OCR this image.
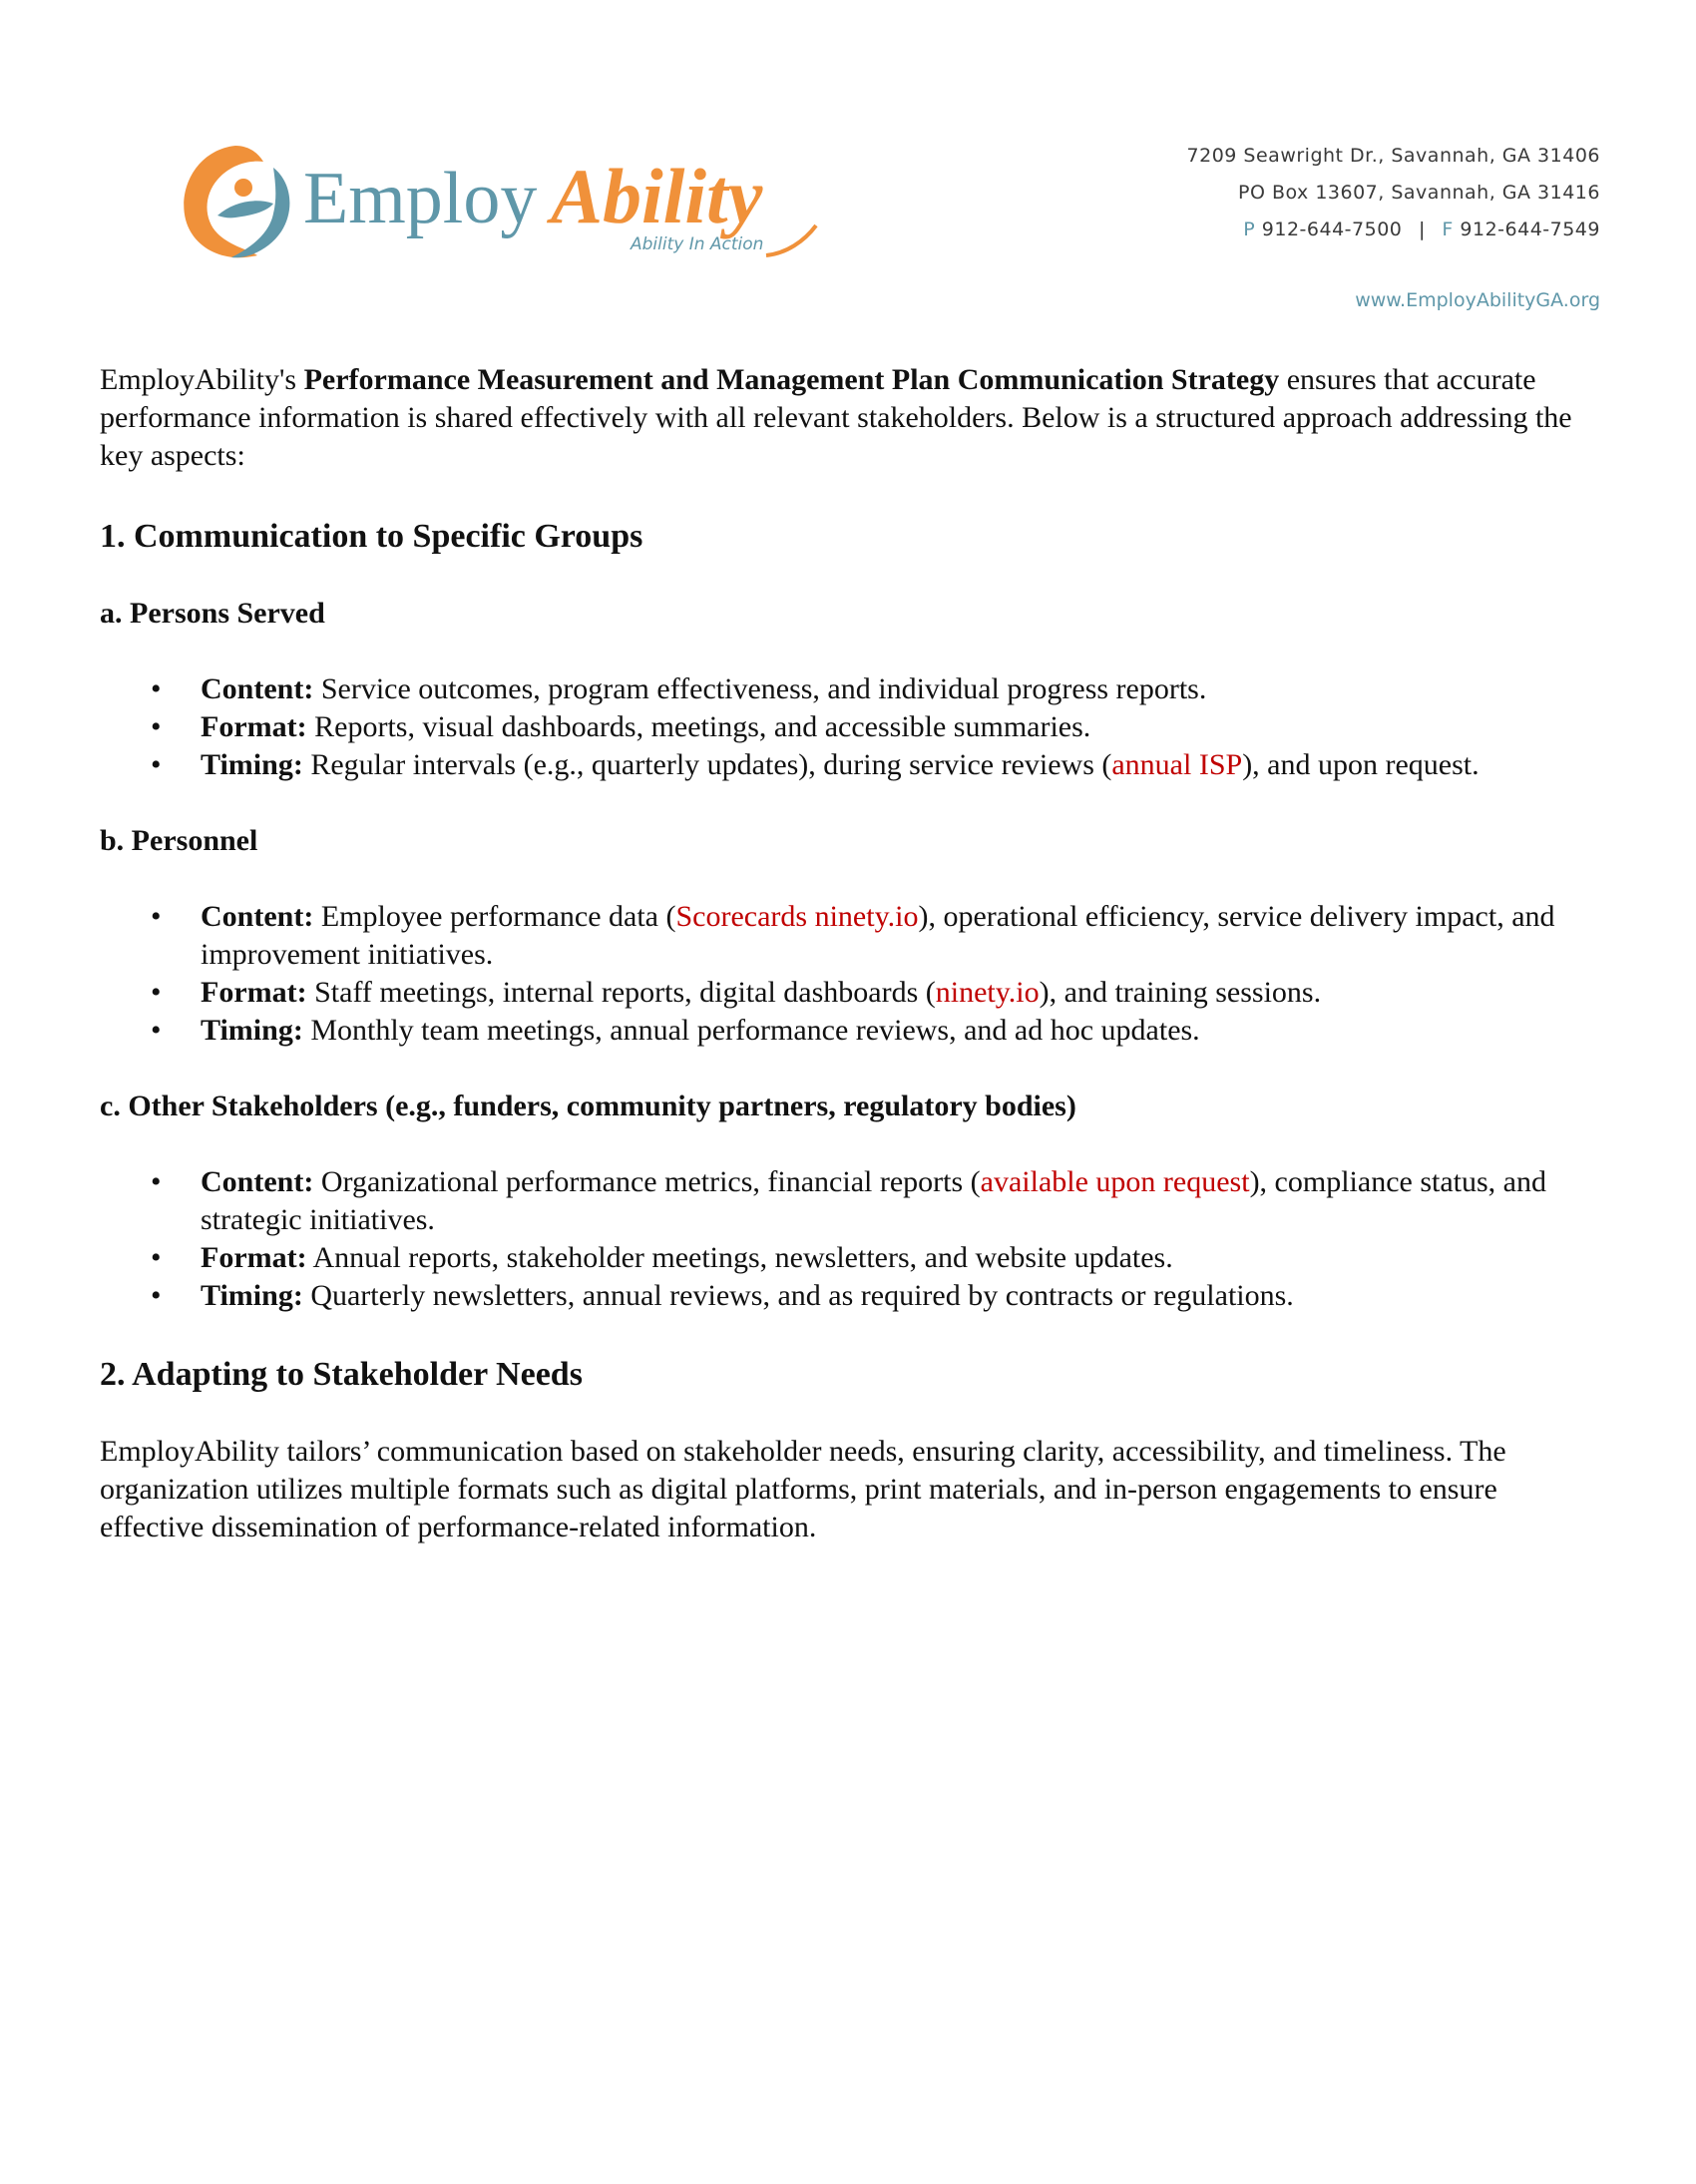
Employ Ability
Ability In Action
7209 Seawright Dr., Savannah, GA 31406
PO Box 13607, Savannah, GA 31416
P 912-644-7500 | F 912-644-7549
www.EmployAbilityGA.org

EmployAbility's Performance Measurement and Management Plan Communication Strategy ensures that accurate performance information is shared effectively with all relevant stakeholders. Below is a structured approach addressing the key aspects:

1. Communication to Specific Groups
a. Persons Served
• Content: Service outcomes, program effectiveness, and individual progress reports.
• Format: Reports, visual dashboards, meetings, and accessible summaries.
• Timing: Regular intervals (e.g., quarterly updates), during service reviews (annual ISP), and upon request.
b. Personnel
• Content: Employee performance data (Scorecards ninety.io), operational efficiency, service delivery impact, and improvement initiatives.
• Format: Staff meetings, internal reports, digital dashboards (ninety.io), and training sessions.
• Timing: Monthly team meetings, annual performance reviews, and ad hoc updates.
c. Other Stakeholders (e.g., funders, community partners, regulatory bodies)
• Content: Organizational performance metrics, financial reports (available upon request), compliance status, and strategic initiatives.
• Format: Annual reports, stakeholder meetings, newsletters, and website updates.
• Timing: Quarterly newsletters, annual reviews, and as required by contracts or regulations.
2. Adapting to Stakeholder Needs

EmployAbility tailors’ communication based on stakeholder needs, ensuring clarity, accessibility, and timeliness. The organization utilizes multiple formats such as digital platforms, print materials, and in-person engagements to ensure effective dissemination of performance-related information.
